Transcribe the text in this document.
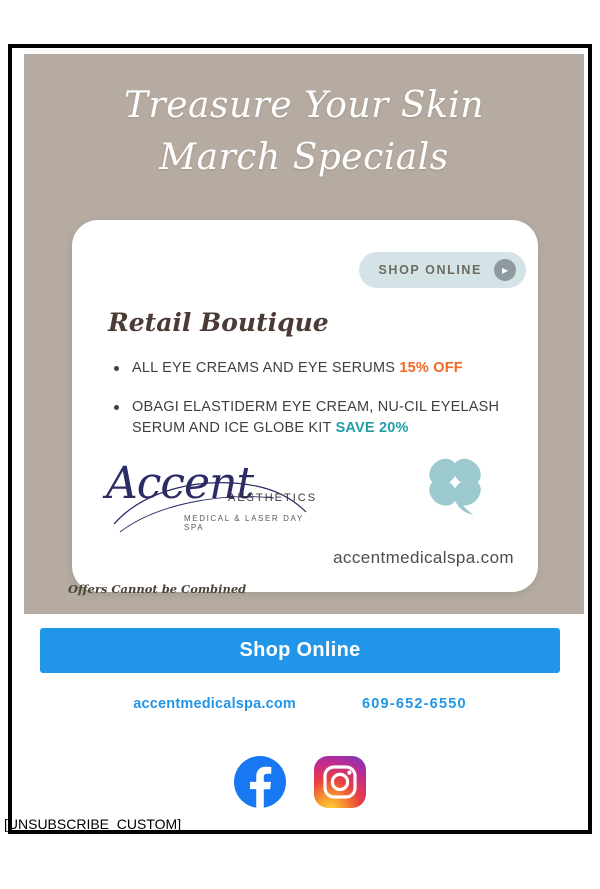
Treasure Your Skin
March Specials
SHOP ONLINE	▸
Retail Boutique
ALL EYE CREAMS AND EYE SERUMS 15% OFF
OBAGI ELASTIDERM EYE CREAM, NU-CIL EYELASH SERUM AND ICE GLOBE KIT SAVE 20%
Accent
AESTHETICS
MEDICAL & LASER DAY SPA
accentmedicalspa.com
Offers Cannot be Combined
Shop Online
accentmedicalspa.com	609-652-6550
[UNSUBSCRIBE_CUSTOM]
